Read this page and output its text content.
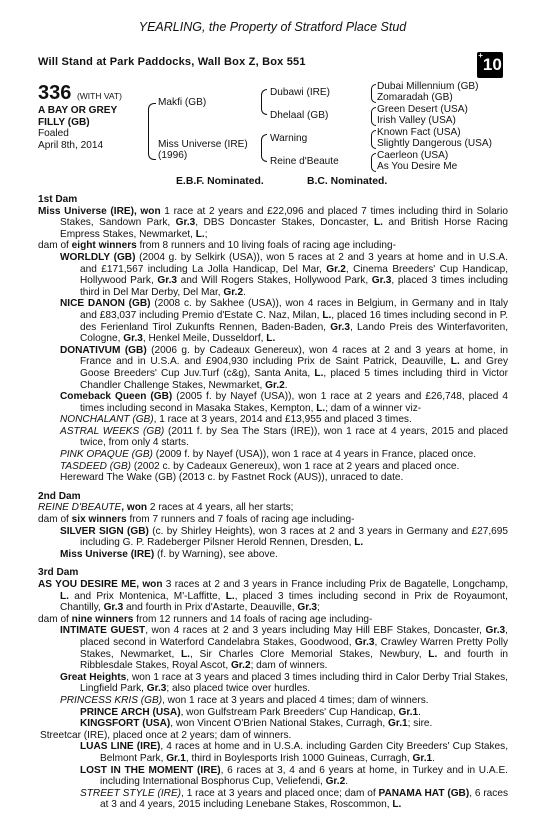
YEARLING, the Property of Stratford Place Stud
Will Stand at Park Paddocks, Wall Box Z, Box 551
+10
336 (WITH VAT)
A BAY OR GREY
FILLY (GB)
Foaled
April 8th, 2014
Makfi (GB)
Miss Universe (IRE)
(1996)
Dubawi (IRE)
Dhelaal (GB)
Warning
Reine d'Beaute
Dubai Millennium (GB)
Zomaradah (GB)
Green Desert (USA)
Irish Valley (USA)
Known Fact (USA)
Slightly Dangerous (USA)
Caerleon (USA)
As You Desire Me
E.B.F. Nominated.	B.C. Nominated.

1st Dam

Miss Universe (IRE), won 1 race at 2 years and £22,096 and placed 7 times including third in Solario Stakes, Sandown Park, Gr.3, DBS Doncaster Stakes, Doncaster, L. and British Horse Racing Empress Stakes, Newmarket, L.;

dam of eight winners from 8 runners and 10 living foals of racing age including-

WORLDLY (GB) (2004 g. by Selkirk (USA)), won 5 races at 2 and 3 years at home and in U.S.A. and £171,567 including La Jolla Handicap, Del Mar, Gr.2, Cinema Breeders' Cup Handicap, Hollywood Park, Gr.3 and Will Rogers Stakes, Hollywood Park, Gr.3, placed 3 times including third in Del Mar Derby, Del Mar, Gr.2.

NICE DANON (GB) (2008 c. by Sakhee (USA)), won 4 races in Belgium, in Germany and in Italy and £83,037 including Premio d'Estate C. Naz, Milan, L., placed 16 times including second in P. des Ferienland Tirol Zukunfts Rennen, Baden-Baden, Gr.3, Lando Preis des Winterfavoriten, Cologne, Gr.3, Henkel Meile, Dusseldorf, L.

DONATIVUM (GB) (2006 g. by Cadeaux Genereux), won 4 races at 2 and 3 years at home, in France and in U.S.A. and £904,930 including Prix de Saint Patrick, Deauville, L. and Grey Goose Breeders' Cup Juv.Turf (c&g), Santa Anita, L., placed 5 times including third in Victor Chandler Challenge Stakes, Newmarket, Gr.2.

Comeback Queen (GB) (2005 f. by Nayef (USA)), won 1 race at 2 years and £26,748, placed 4 times including second in Masaka Stakes, Kempton, L.; dam of a winner viz-

NONCHALANT (GB), 1 race at 3 years, 2014 and £13,955 and placed 3 times.

ASTRAL WEEKS (GB) (2011 f. by Sea The Stars (IRE)), won 1 race at 4 years, 2015 and placed twice, from only 4 starts.

PINK OPAQUE (GB) (2009 f. by Nayef (USA)), won 1 race at 4 years in France, placed once.

TASDEED (GB) (2002 c. by Cadeaux Genereux), won 1 race at 2 years and placed once.

Hereward The Wake (GB) (2013 c. by Fastnet Rock (AUS)), unraced to date.

2nd Dam

REINE D'BEAUTE, won 2 races at 4 years, all her starts;

dam of six winners from 7 runners and 7 foals of racing age including-

SILVER SIGN (GB) (c. by Shirley Heights), won 3 races at 2 and 3 years in Germany and £27,695 including G. P. Radeberger Pilsner Herold Rennen, Dresden, L.

Miss Universe (IRE) (f. by Warning), see above.

3rd Dam

AS YOU DESIRE ME, won 3 races at 2 and 3 years in France including Prix de Bagatelle, Longchamp, L. and Prix Montenica, M'-Laffitte, L., placed 3 times including second in Prix de Royaumont, Chantilly, Gr.3 and fourth in Prix d'Astarte, Deauville, Gr.3;

dam of nine winners from 12 runners and 14 foals of racing age including-

INTIMATE GUEST, won 4 races at 2 and 3 years including May Hill EBF Stakes, Doncaster, Gr.3, placed second in Waterford Candelabra Stakes, Goodwood, Gr.3, Crawley Warren Pretty Polly Stakes, Newmarket, L., Sir Charles Clore Memorial Stakes, Newbury, L. and fourth in Ribblesdale Stakes, Royal Ascot, Gr.2; dam of winners.

Great Heights, won 1 race at 3 years and placed 3 times including third in Calor Derby Trial Stakes, Lingfield Park, Gr.3; also placed twice over hurdles.

PRINCESS KRIS (GB), won 1 race at 3 years and placed 4 times; dam of winners.

PRINCE ARCH (USA), won Gulfstream Park Breeders' Cup Handicap, Gr.1.

KINGSFORT (USA), won Vincent O'Brien National Stakes, Curragh, Gr.1; sire.

Streetcar (IRE), placed once at 2 years; dam of winners.

LUAS LINE (IRE), 4 races at home and in U.S.A. including Garden City Breeders' Cup Stakes, Belmont Park, Gr.1, third in Boylesports Irish 1000 Guineas, Curragh, Gr.1.

LOST IN THE MOMENT (IRE), 6 races at 3, 4 and 6 years at home, in Turkey and in U.A.E. including International Bosphorus Cup, Veliefendi, Gr.2.

STREET STYLE (IRE), 1 race at 3 years and placed once; dam of PANAMA HAT (GB), 6 races at 3 and 4 years, 2015 including Lenebane Stakes, Roscommon, L.
